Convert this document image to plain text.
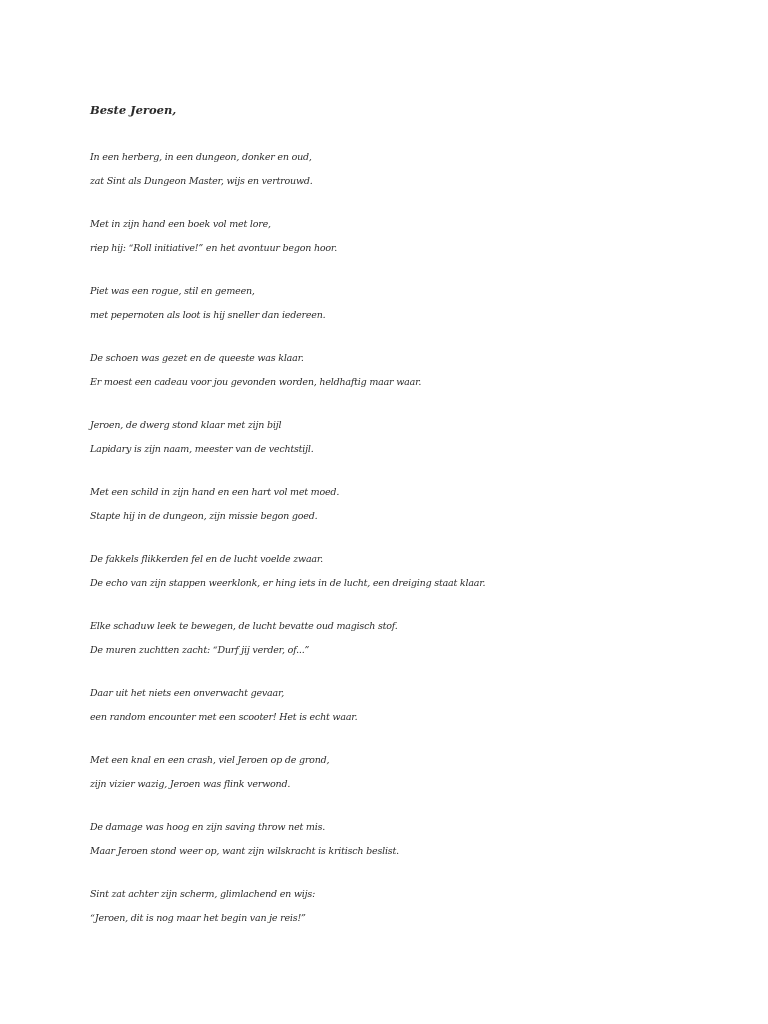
Beste Jeroen,

In een herberg, in een dungeon, donker en oud,
zat Sint als Dungeon Master, wijs en vertrouwd.
Met in zijn hand een boek vol met lore,
riep hij: “Roll initiative!” en het avontuur begon hoor.
Piet was een rogue, stil en gemeen,
met pepernoten als loot is hij sneller dan iedereen.
De schoen was gezet en de queeste was klaar.
Er moest een cadeau voor jou gevonden worden, heldhaftig maar waar.
Jeroen, de dwerg stond klaar met zijn bijl
Lapidary is zijn naam, meester van de vechtstijl.
Met een schild in zijn hand en een hart vol met moed.
Stapte hij in de dungeon, zijn missie begon goed.
De fakkels flikkerden fel en de lucht voelde zwaar.
De echo van zijn stappen weerklonk, er hing iets in de lucht, een dreiging staat klaar.
Elke schaduw leek te bewegen, de lucht bevatte oud magisch stof.
De muren zuchtten zacht: “Durf jij verder, of...”
Daar uit het niets een onverwacht gevaar,
een random encounter met een scooter! Het is echt waar.
Met een knal en een crash, viel Jeroen op de grond,
zijn vizier wazig, Jeroen was flink verwond.
De damage was hoog en zijn saving throw net mis.
Maar Jeroen stond weer op, want zijn wilskracht is kritisch beslist.
Sint zat achter zijn scherm, glimlachend en wijs:
“Jeroen, dit is nog maar het begin van je reis!”
